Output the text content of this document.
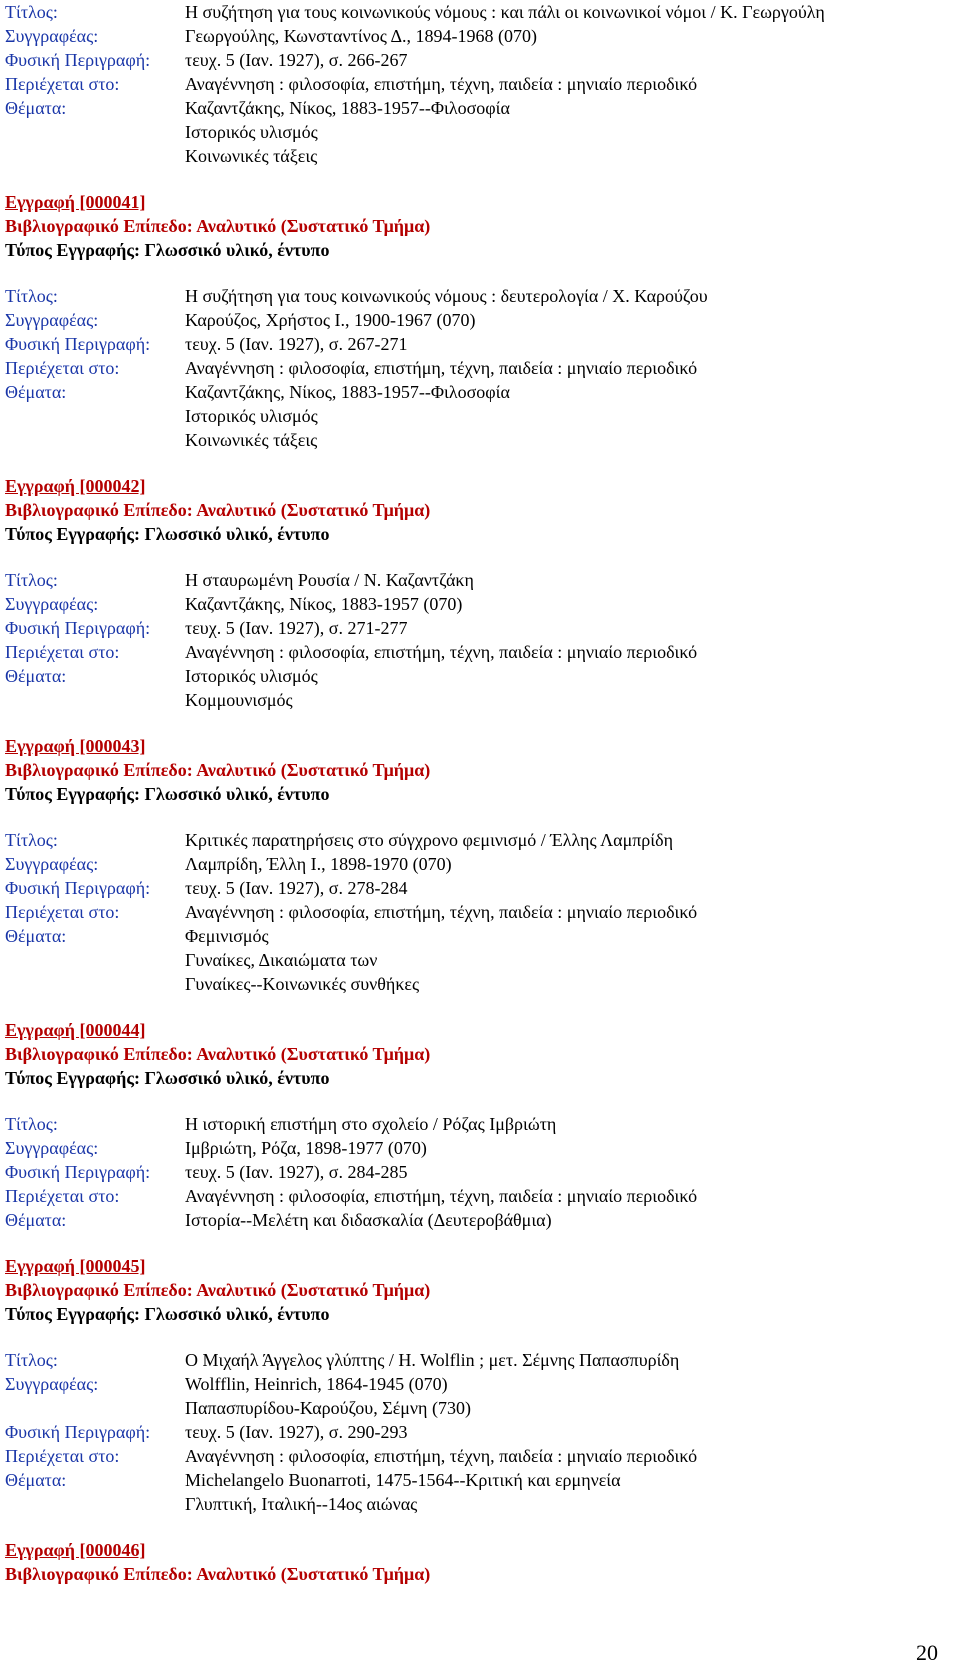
Τίτλος:	Η συζήτηση για τους κοινωνικούς νόμους : και πάλι οι κοινωνικοί νόμοι / Κ. Γεωργούλη
Συγγραφέας:	Γεωργούλης, Κωνσταντίνος Δ., 1894-1968 (070)
Φυσική Περιγραφή:	τευχ. 5 (Ιαν. 1927), σ. 266-267
Περιέχεται στο:	Αναγέννηση : φιλοσοφία, επιστήμη, τέχνη, παιδεία : μηνιαίο περιοδικό
Θέματα:	Καζαντζάκης, Νίκος, 1883-1957--Φιλοσοφία
Ιστορικός υλισμός
Κοινωνικές τάξεις
Εγγραφή [000041]
Βιβλιογραφικό Επίπεδο: Αναλυτικό (Συστατικό Τμήμα)
Τύπος Εγγραφής: Γλωσσικό υλικό, έντυπο
Τίτλος:	Η συζήτηση για τους κοινωνικούς νόμους : δευτερολογία / Χ. Καρούζου
Συγγραφέας:	Καρούζος, Χρήστος Ι., 1900-1967 (070)
Φυσική Περιγραφή:	τευχ. 5 (Ιαν. 1927), σ. 267-271
Περιέχεται στο:	Αναγέννηση : φιλοσοφία, επιστήμη, τέχνη, παιδεία : μηνιαίο περιοδικό
Θέματα:	Καζαντζάκης, Νίκος, 1883-1957--Φιλοσοφία
Ιστορικός υλισμός
Κοινωνικές τάξεις
Εγγραφή [000042]
Βιβλιογραφικό Επίπεδο: Αναλυτικό (Συστατικό Τμήμα)
Τύπος Εγγραφής: Γλωσσικό υλικό, έντυπο
Τίτλος:	Η σταυρωμένη Ρουσία / Ν. Καζαντζάκη
Συγγραφέας:	Καζαντζάκης, Νίκος, 1883-1957 (070)
Φυσική Περιγραφή:	τευχ. 5 (Ιαν. 1927), σ. 271-277
Περιέχεται στο:	Αναγέννηση : φιλοσοφία, επιστήμη, τέχνη, παιδεία : μηνιαίο περιοδικό
Θέματα:	Ιστορικός υλισμός
Κομμουνισμός
Εγγραφή [000043]
Βιβλιογραφικό Επίπεδο: Αναλυτικό (Συστατικό Τμήμα)
Τύπος Εγγραφής: Γλωσσικό υλικό, έντυπο
Τίτλος:	Κριτικές παρατηρήσεις στο σύγχρονο φεμινισμό / Έλλης Λαμπρίδη
Συγγραφέας:	Λαμπρίδη, Έλλη Ι., 1898-1970 (070)
Φυσική Περιγραφή:	τευχ. 5 (Ιαν. 1927), σ. 278-284
Περιέχεται στο:	Αναγέννηση : φιλοσοφία, επιστήμη, τέχνη, παιδεία : μηνιαίο περιοδικό
Θέματα:	Φεμινισμός
Γυναίκες, Δικαιώματα των
Γυναίκες--Κοινωνικές συνθήκες
Εγγραφή [000044]
Βιβλιογραφικό Επίπεδο: Αναλυτικό (Συστατικό Τμήμα)
Τύπος Εγγραφής: Γλωσσικό υλικό, έντυπο
Τίτλος:	Η ιστορική επιστήμη στο σχολείο / Ρόζας Ιμβριώτη
Συγγραφέας:	Ιμβριώτη, Ρόζα, 1898-1977 (070)
Φυσική Περιγραφή:	τευχ. 5 (Ιαν. 1927), σ. 284-285
Περιέχεται στο:	Αναγέννηση : φιλοσοφία, επιστήμη, τέχνη, παιδεία : μηνιαίο περιοδικό
Θέματα:	Ιστορία--Μελέτη και διδασκαλία (Δευτεροβάθμια)
Εγγραφή [000045]
Βιβλιογραφικό Επίπεδο: Αναλυτικό (Συστατικό Τμήμα)
Τύπος Εγγραφής: Γλωσσικό υλικό, έντυπο
Τίτλος:	Ο Μιχαήλ Άγγελος γλύπτης / H. Wolflin ; μετ. Σέμνης Παπασπυρίδη
Συγγραφέας:	Wolfflin, Heinrich, 1864-1945 (070)
Παπασπυρίδου-Καρούζου, Σέμνη (730)
Φυσική Περιγραφή:	τευχ. 5 (Ιαν. 1927), σ. 290-293
Περιέχεται στο:	Αναγέννηση : φιλοσοφία, επιστήμη, τέχνη, παιδεία : μηνιαίο περιοδικό
Θέματα:	Michelangelo Buonarroti, 1475-1564--Κριτική και ερμηνεία
Γλυπτική, Ιταλική--14ος αιώνας
Εγγραφή [000046]
Βιβλιογραφικό Επίπεδο: Αναλυτικό (Συστατικό Τμήμα)
20
